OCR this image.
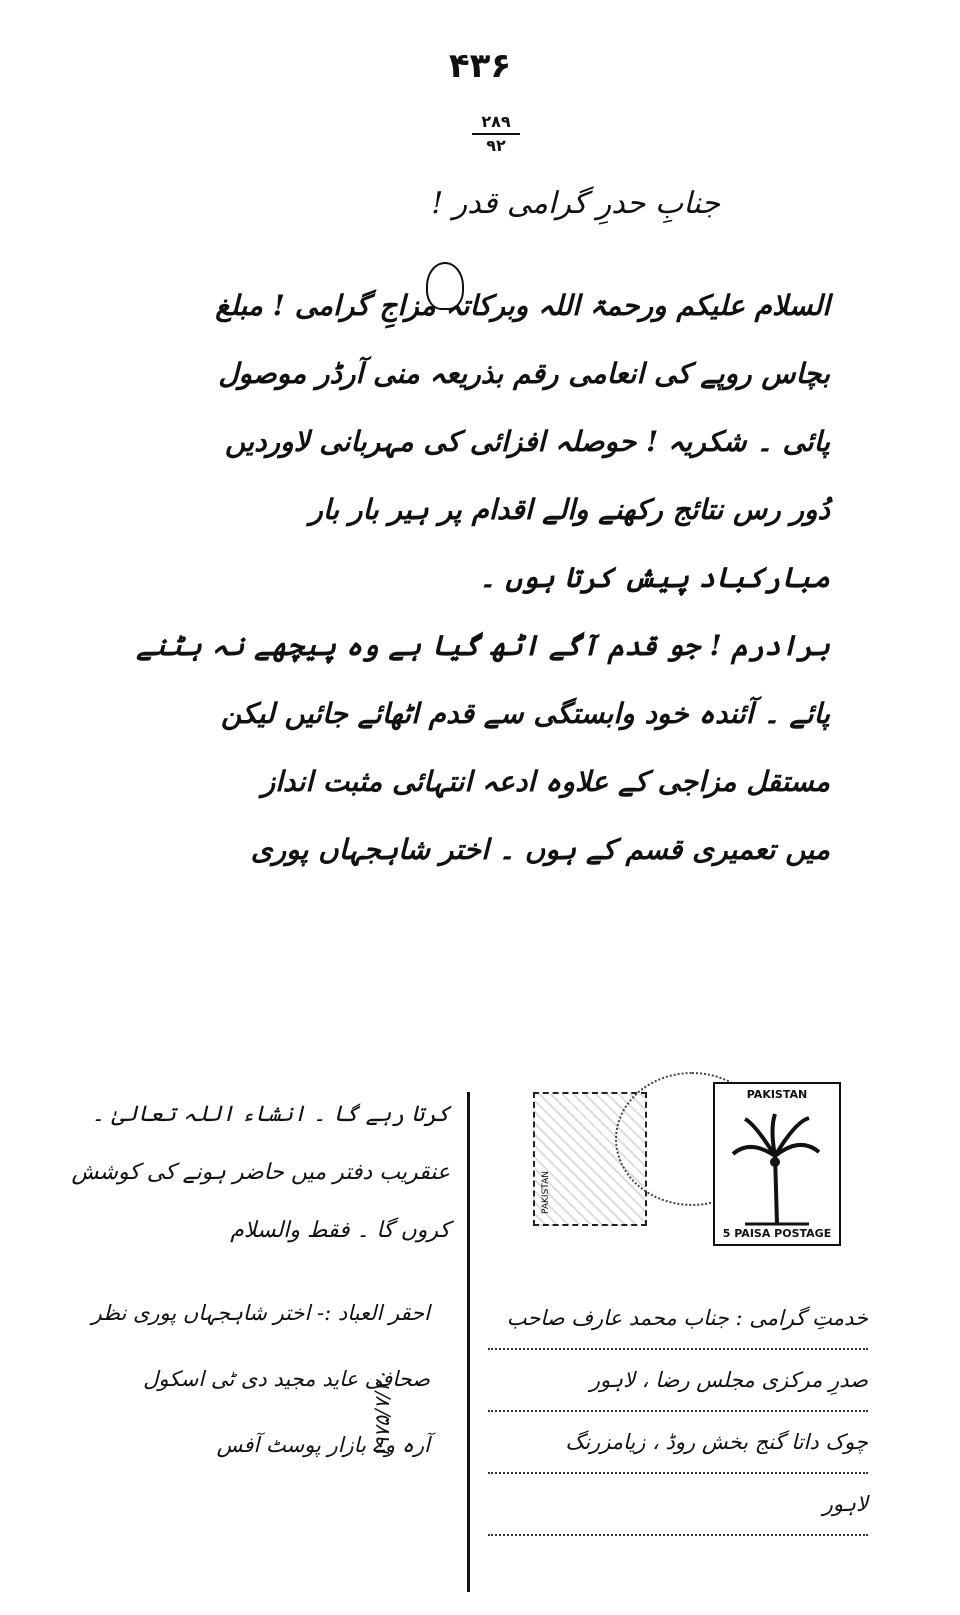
۴۳۶
۲۸۹
۹۲
جنابِ حدرِ گرامی قدر !
السلام علیکم ورحمۃ اللہ وبرکاتہ مزاجِ گرامی ! مبلغ
بچاس روپے کی انعامی رقم بذریعہ منی آرڈر موصول
پائی ۔ شکریہ ! حوصلہ افزائی کی مہربانی لاوردیں
دُور رس نتائج رکھنے والے اقدام پر ہیر بار بار
مبارکباد پیش کرتا ہوں ۔
برادرم ! جو قدم آگے اٹھ گیا ہے وہ پیچھے نہ ہٹنے
پائے ۔ آئندہ خود وابستگی سے قدم اٹھائے جائیں لیکن
مستقل مزاجی کے علاوہ ادعہ انتہائی مثبت انداز
میں تعمیری قسم کے ہوں ۔ اختر شاہجہاں پوری
کرتا رہے گا ۔ انشاء اللہ تعالیٰ ۔
عنقریب دفتر میں حاضر ہونے کی کوشش
کروں گا ۔ فقط والسلام
احقر العباد :- اختر شاہجہاں پوری نظر
صحافی عاید مجید دی ٹی اسکول
آرہ وے بازار پوسٹ آفس
۱۹۷۵/۷/۲۰
PAKISTAN
PAKISTAN
5 PAISA POSTAGE
خدمتِ گرامی : جناب محمد عارف صاحب
صدرِ مرکزی مجلس رضا ، لاہور
چوک داتا گنج بخش روڈ ، زیامزرنگ
لاہور
